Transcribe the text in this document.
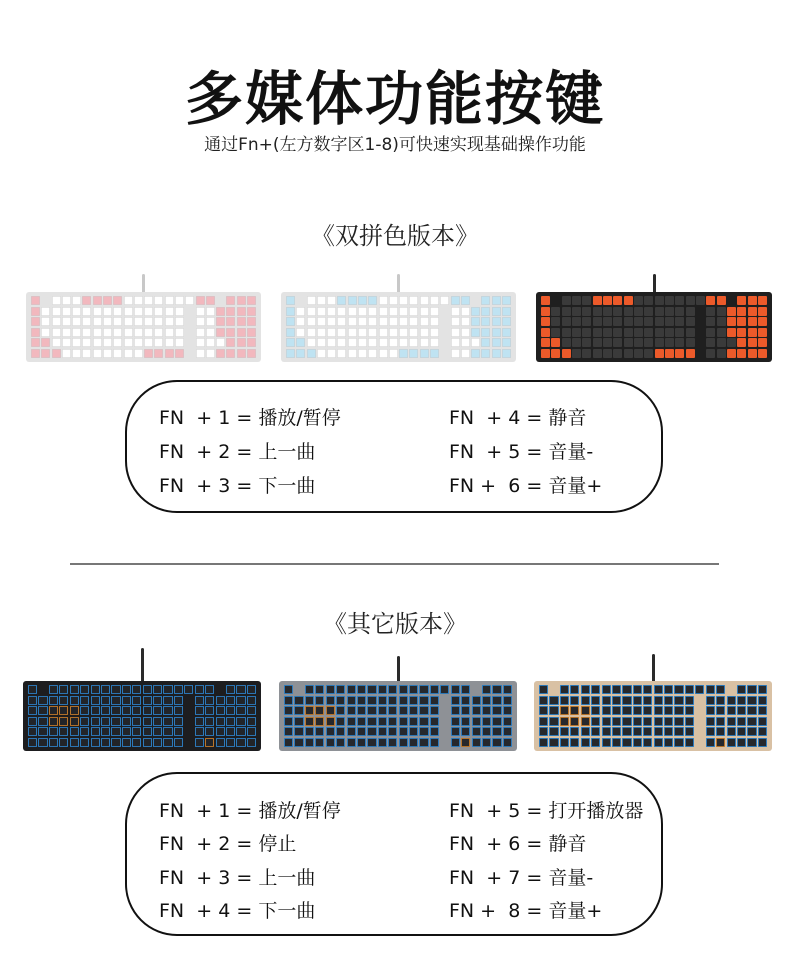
多媒体功能按键
通过Fn+(左方数字区1-8)可快速实现基础操作功能
《双拼色版本》
FN + 1 = 播放/暂停
FN + 2 = 上一曲
FN + 3 = 下一曲
FN + 4 = 静音
FN + 5 = 音量-
FN + 6 = 音量+
《其它版本》
FN + 1 = 播放/暂停
FN + 2 = 停止
FN + 3 = 上一曲
FN + 4 = 下一曲
FN + 5 = 打开播放器
FN + 6 = 静音
FN + 7 = 音量-
FN + 8 = 音量+
